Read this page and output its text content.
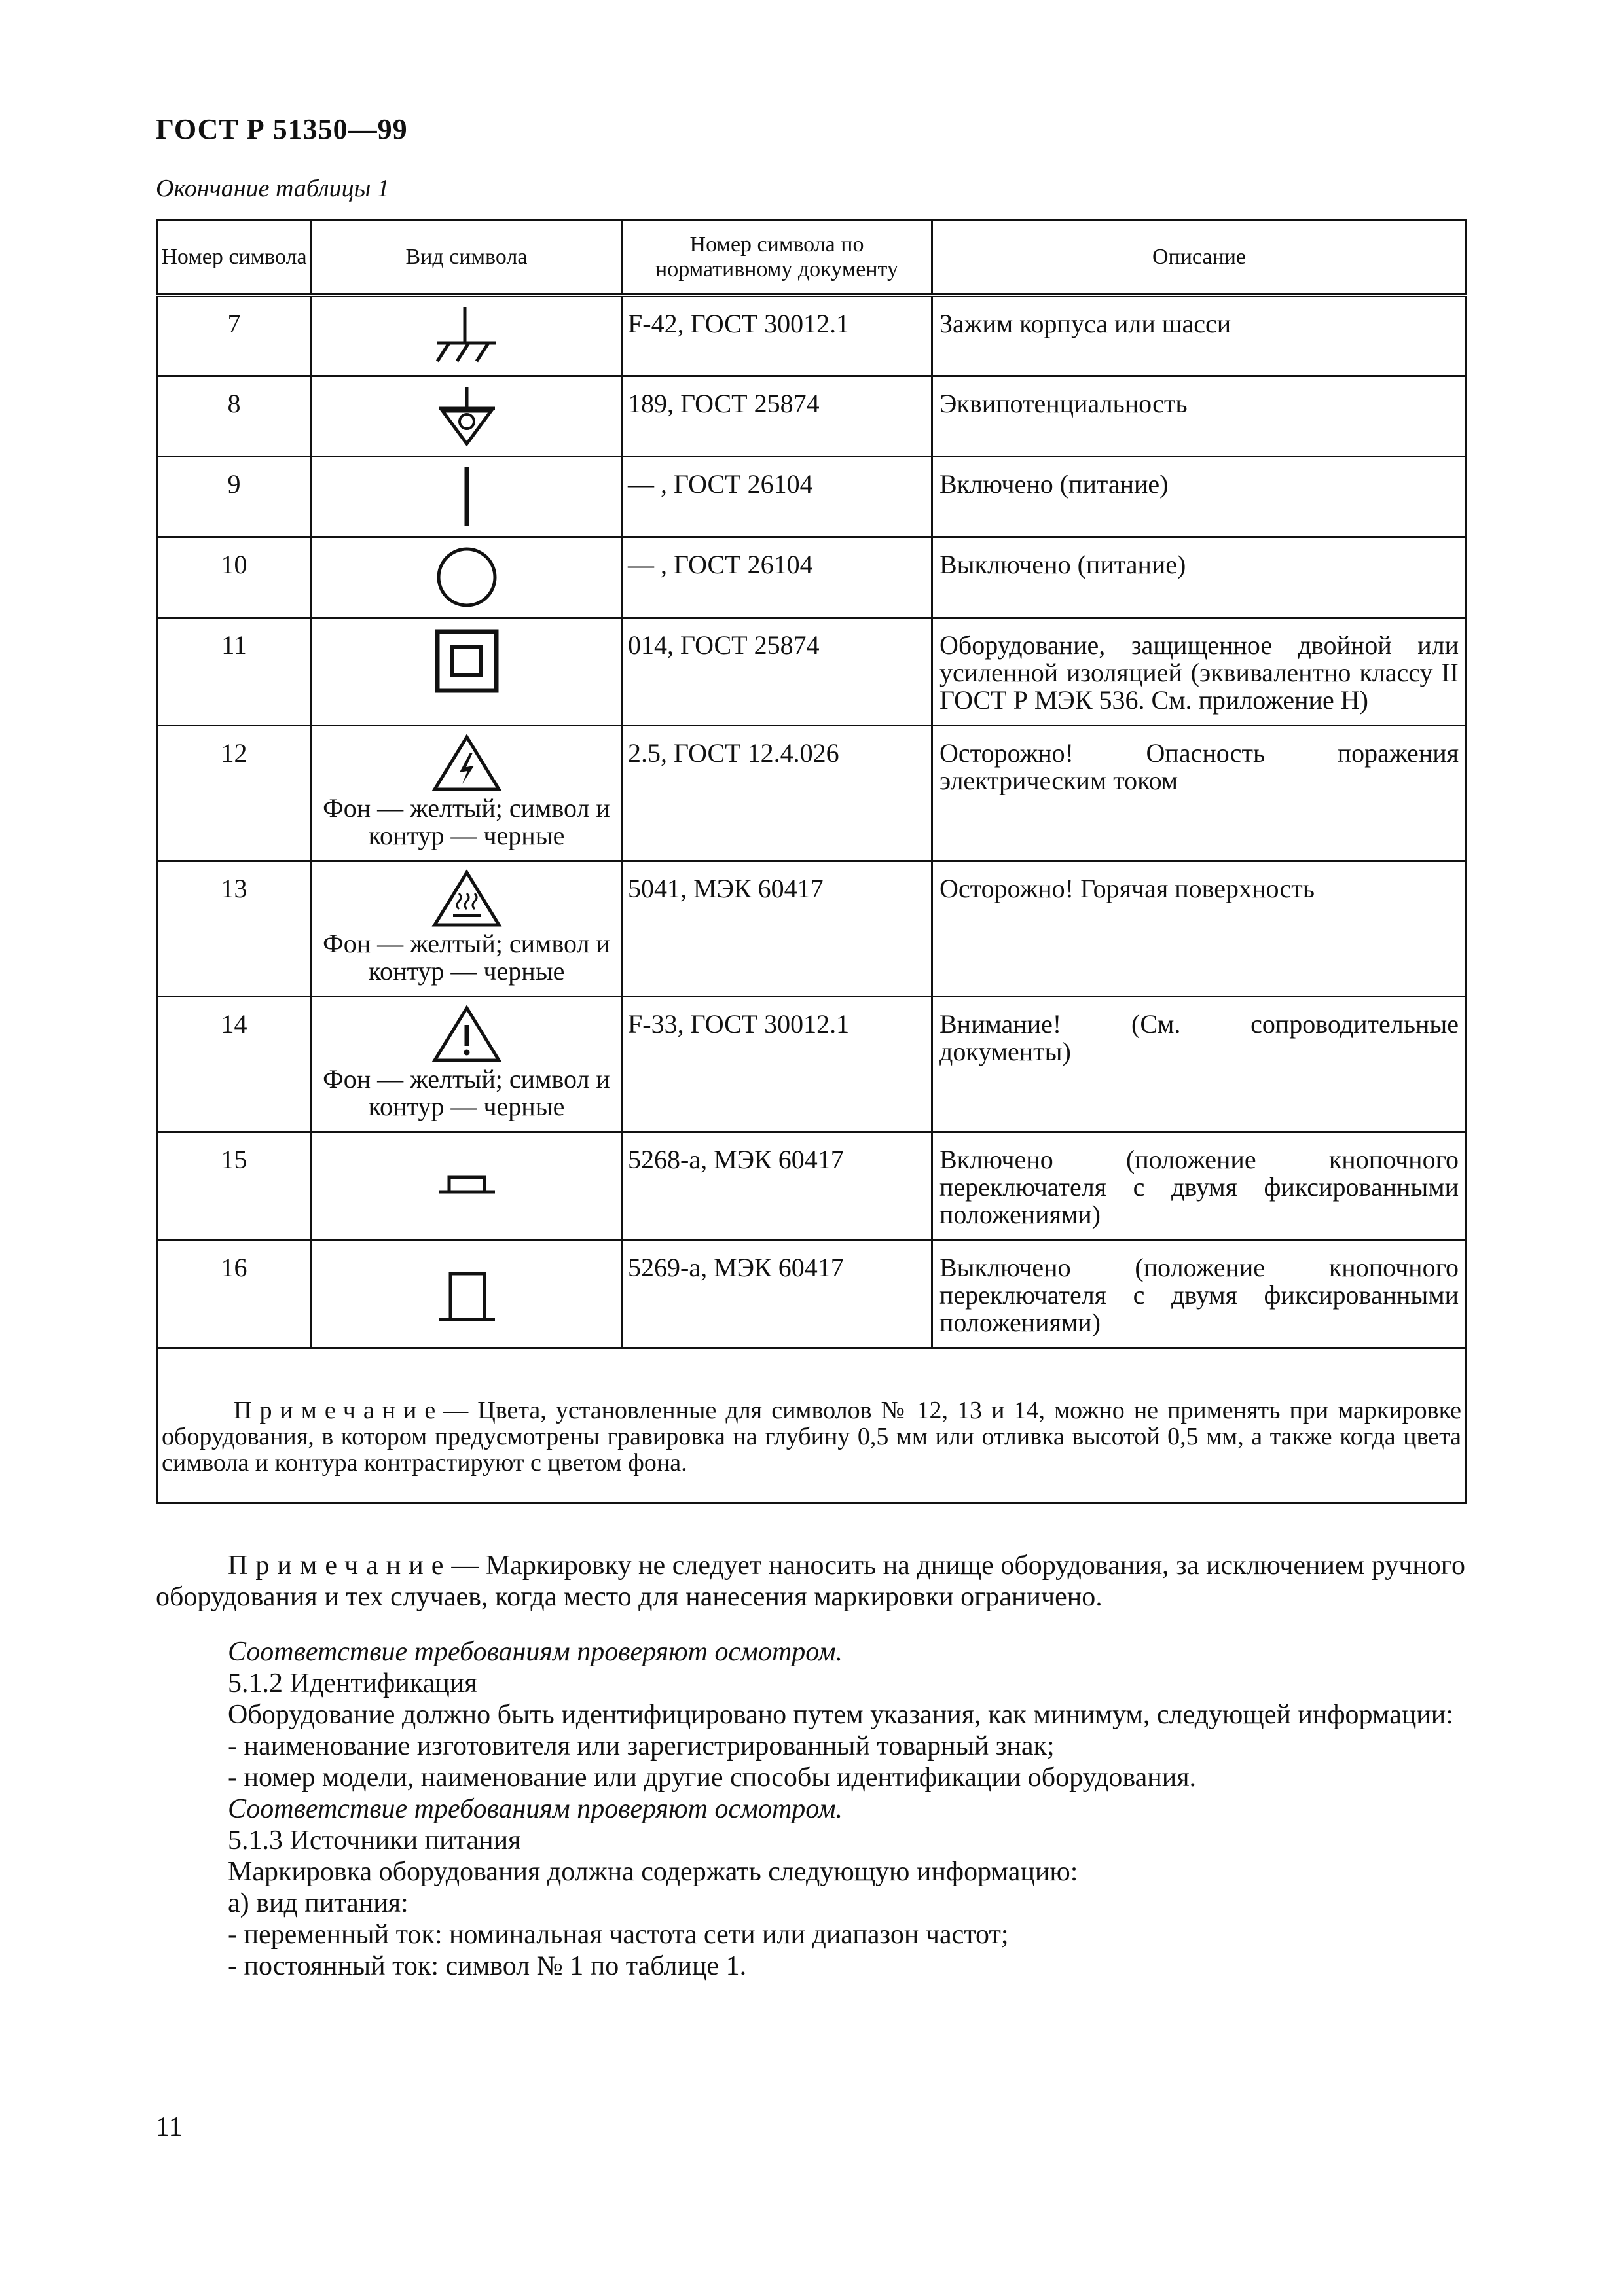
ГОСТ Р 51350—99
Окончание таблицы 1
Номер символа	Вид символа	Номер символа по нормативному документу	Описание
7		F-42, ГОСТ 30012.1	Зажим корпуса или шасси
8		189, ГОСТ 25874	Эквипотенциальность
9		— , ГОСТ 26104	Включено (питание)
10		— , ГОСТ 26104	Выключено (питание)
11		014, ГОСТ 25874	Оборудование, защищенное двойной или усиленной изоляцией (эквивалентно классу II ГОСТ Р МЭК 536. См. приложение Н)
12	Фон — желтый; символ и контур — черные	2.5, ГОСТ 12.4.026	Осторожно! Опасность поражения электрическим током
13	Фон — желтый; символ и контур — черные	5041, МЭК 60417	Осторожно! Горячая поверхность
14	Фон — желтый; символ и контур — черные	F-33, ГОСТ 30012.1	Внимание! (См. сопроводительные документы)
15		5268-а, МЭК 60417	Включено (положение кнопочного переключателя с двумя фиксированными положениями)
16		5269-а, МЭК 60417	Выключено (положение кнопочного переключателя с двумя фиксированными положениями)
Примечание— Цвета, установленные для символов № 12, 13 и 14, можно не применять при маркировке оборудования, в котором предусмотрены гравировка на глубину 0,5 мм или отливка высотой 0,5 мм, а также когда цвета символа и контура контрастируют с цветом фона.			

Примечание— Маркировку не следует наносить на днище оборудования, за исключением ручного оборудования и тех случаев, когда место для нанесения маркировки ограничено.

Соответствие требованиям проверяют осмотром.

5.1.2 Идентификация

Оборудование должно быть идентифицировано путем указания, как минимум, следующей информации:

- наименование изготовителя или зарегистрированный товарный знак;

- номер модели, наименование или другие способы идентификации оборудования.

Соответствие требованиям проверяют осмотром.

5.1.3 Источники питания

Маркировка оборудования должна содержать следующую информацию:

а) вид питания:

- переменный ток: номинальная частота сети или диапазон частот;

- постоянный ток: символ № 1 по таблице 1.

11
